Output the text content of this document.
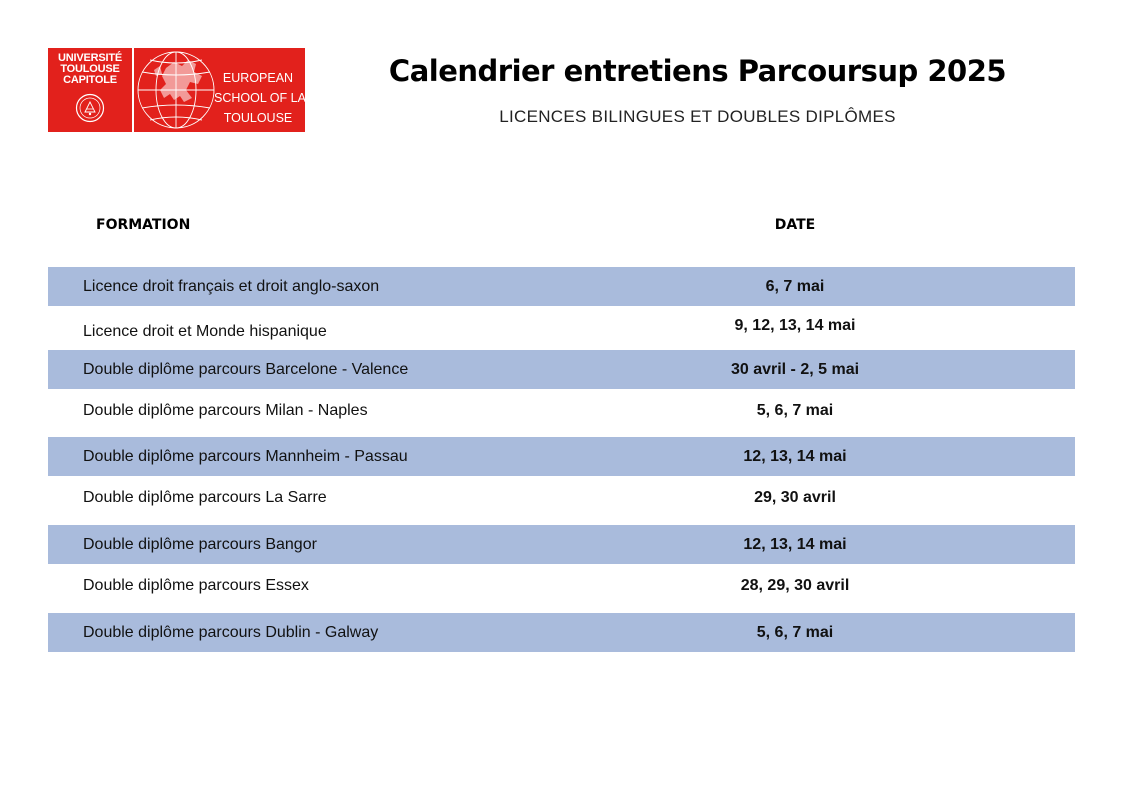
UNIVERSITÉ
TOULOUSE
CAPITOLE	EUROPEAN
SCHOOL OF LAW
TOULOUSE
Calendrier entretiens Parcoursup 2025

LICENCES BILINGUES ET DOUBLES DIPLÔMES

FORMATION	DATE
Licence droit français et droit anglo-saxon	6, 7 mai
Licence droit et Monde hispanique	9, 12, 13, 14 mai
Double diplôme parcours Barcelone - Valence	30 avril - 2, 5 mai
Double diplôme parcours Milan - Naples	5, 6, 7 mai
Double diplôme parcours Mannheim - Passau	12, 13, 14 mai
Double diplôme parcours La Sarre	29, 30 avril
Double diplôme parcours Bangor	12, 13, 14 mai
Double diplôme parcours Essex	28, 29, 30 avril
Double diplôme parcours Dublin - Galway	5, 6, 7 mai
